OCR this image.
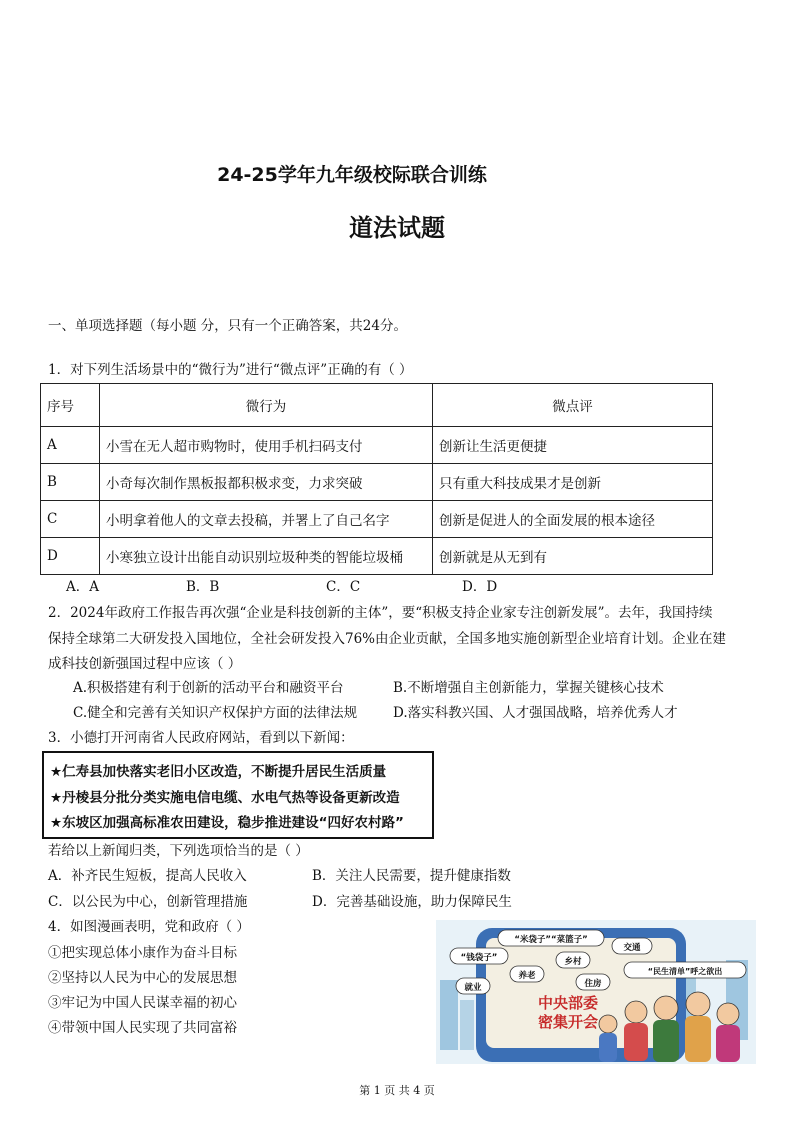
24-25学年九年级校际联合训练
道法试题
一、单项选择题（每小题 分，只有一个正确答案，共24分。
1．对下列生活场景中的“微行为”进行“微点评”正确的有（ ）
序号	微行为	微点评
A	小雪在无人超市购物时，使用手机扫码支付	创新让生活更便捷
B	小奇每次制作黑板报都积极求变，力求突破	只有重大科技成果才是创新
C	小明拿着他人的文章去投稿，并署上了自己名字	创新是促进人的全面发展的根本途径
D	小寒独立设计出能自动识别垃圾种类的智能垃圾桶	创新就是从无到有
A．A	B．B	C．C	D．D
2．2024年政府工作报告再次强“企业是科技创新的主体”，要“积极支持企业家专注创新发展”。去年，我国持续
保持全球第二大研发投入国地位，全社会研发投入76%由企业贡献，全国多地实施创新型企业培育计划。企业在建
成科技创新强国过程中应该（ ）
A.积极搭建有利于创新的活动平台和融资平台	B.不断增强自主创新能力，掌握关键核心技术
C.健全和完善有关知识产权保护方面的法律法规	D.落实科教兴国、人才强国战略，培养优秀人才
3．小德打开河南省人民政府网站，看到以下新闻：
★仁寿县加快落实老旧小区改造，不断提升居民生活质量
★丹棱县分批分类实施电信电缆、水电气热等设备更新改造
★东坡区加强高标准农田建设，稳步推进建设“四好农村路”
若给以上新闻归类，下列选项恰当的是（ ）
A．补齐民生短板，提高人民收入	B．关注人民需要，提升健康指数
C．以公民为中心，创新管理措施	D．完善基础设施，助力保障民生
4．如图漫画表明，党和政府（ ）
①把实现总体小康作为奋斗目标
②坚持以人民为中心的发展思想
③牢记为中国人民谋幸福的初心
④带领中国人民实现了共同富裕
“米袋子”“菜篮子”
交通
“钱袋子”	乡村
养老
住房
就业
“民生清单”呼之欲出
中央部委
密集开会
第 1 页 共 4 页
